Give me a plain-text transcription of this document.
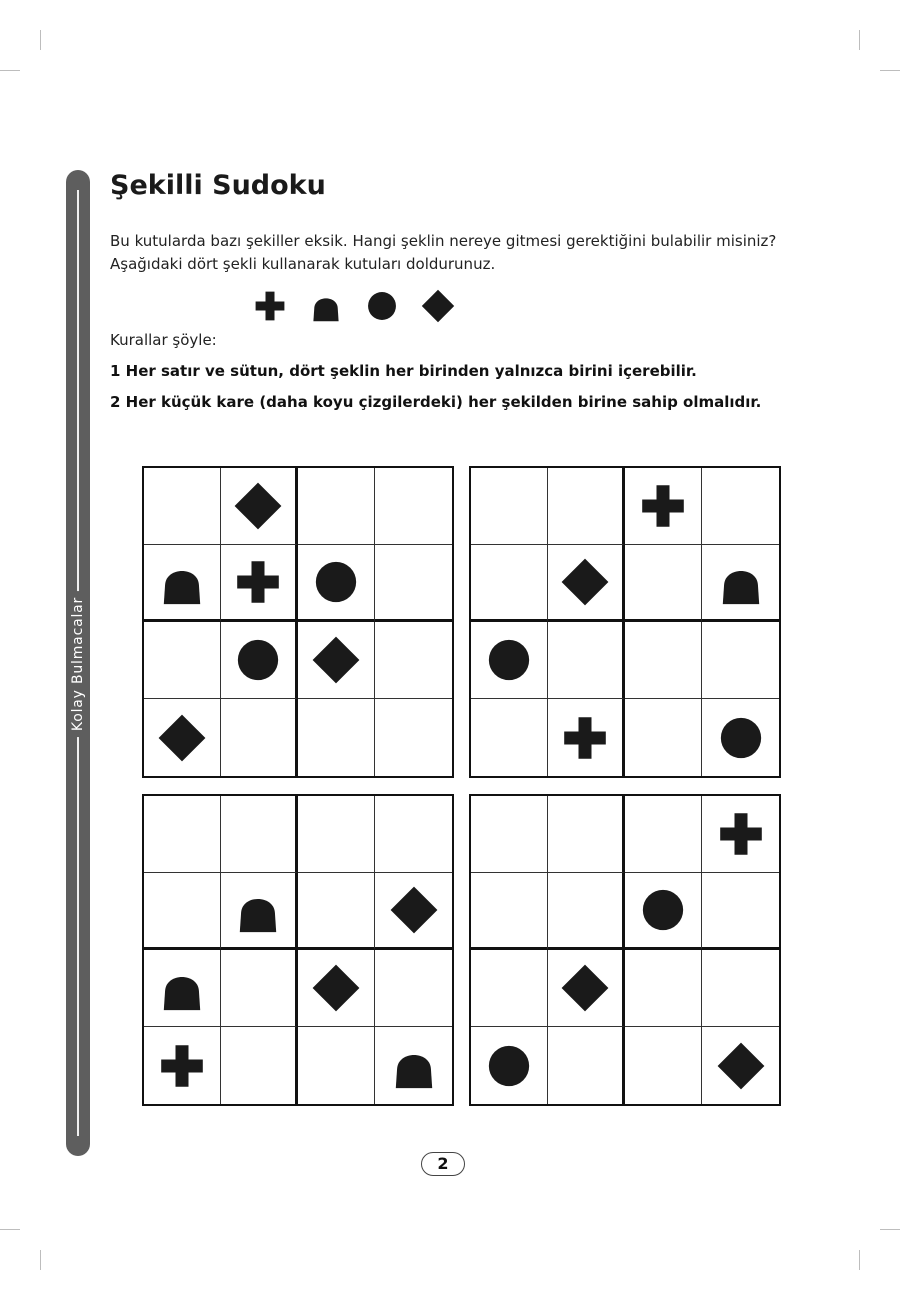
Kolay Bulmacalar
Şekilli Sudoku

Bu kutularda bazı şekiller eksik. Hangi şeklin nereye gitmesi gerektiğini bulabilir misiniz? Aşağıdaki dört şekli kullanarak kutuları doldurunuz.

Kurallar şöyle:

1 Her satır ve sütun, dört şeklin her birinden yalnızca birini içerebilir.

2 Her küçük kare (daha koyu çizgilerdeki) her şekilden birine sahip olmalıdır.

2
